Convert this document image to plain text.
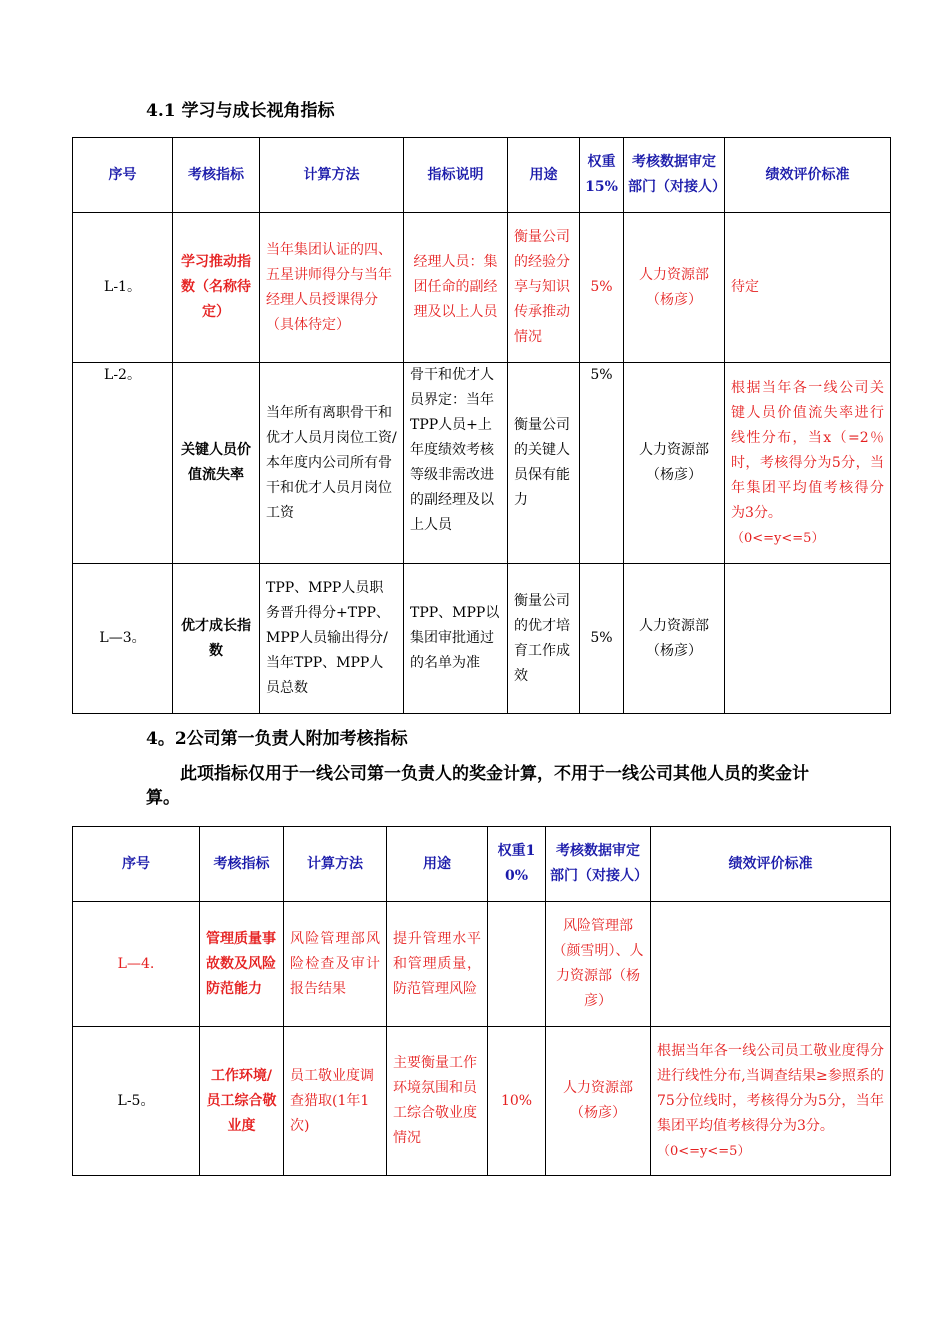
4.1 学习与成长视角指标
序号	考核指标	计算方法	指标说明	用途	权重15%	考核数据审定部门（对接人）	绩效评价标准
L-1。	学习推动指数（名称待定）	当年集团认证的四、五星讲师得分与当年经理人员授课得分（具体待定）	经理人员：集团任命的副经理及以上人员	衡量公司的经验分享与知识传承推动情况	5%	人力资源部（杨彦）	待定
L-2。	关键人员价值流失率	当年所有离职骨干和优才人员月岗位工资/ 本年度内公司所有骨干和优才人员月岗位工资	骨干和优才人员界定：当年TPP人员+上年度绩效考核等级非需改进的副经理及以上人员	衡量公司的关键人员保有能力	5%	人力资源部（杨彦）	根据当年各一线公司关键人员价值流失率进行线性分布，当x（=2％时，考核得分为5分，当年集团平均值考核得分为3分。
（0<=y<=5）

L—3。	优才成长指数	TPP、MPP人员职务晋升得分+TPP、MPP人员输出得分/当年TPP、MPP人员总数	TPP、MPP以集团审批通过的名单为准	衡量公司的优才培育工作成效	5%	人力资源部（杨彦）	
4。2公司第一负责人附加考核指标
此项指标仅用于一线公司第一负责人的奖金计算，不用于一线公司其他人员的奖金计算。
序号	考核指标	计算方法	用途	权重10%	考核数据审定部门（对接人）	绩效评价标准
L—4.	管理质量事故数及风险防范能力	风险管理部风险检查及审计报告结果	提升管理水平和管理质量，防范管理风险		风险管理部（颜雪明）、人力资源部（杨彦）	
L-5。	工作环境/员工综合敬业度	员工敬业度调查猎取(1年1次)	主要衡量工作环境氛围和员工综合敬业度情况	10%	人力资源部（杨彦）	根据当年各一线公司员工敬业度得分进行线性分布,当调查结果≥参照系的75分位线时，考核得分为5分，当年集团平均值考核得分为3分。
（0<=y<=5）
